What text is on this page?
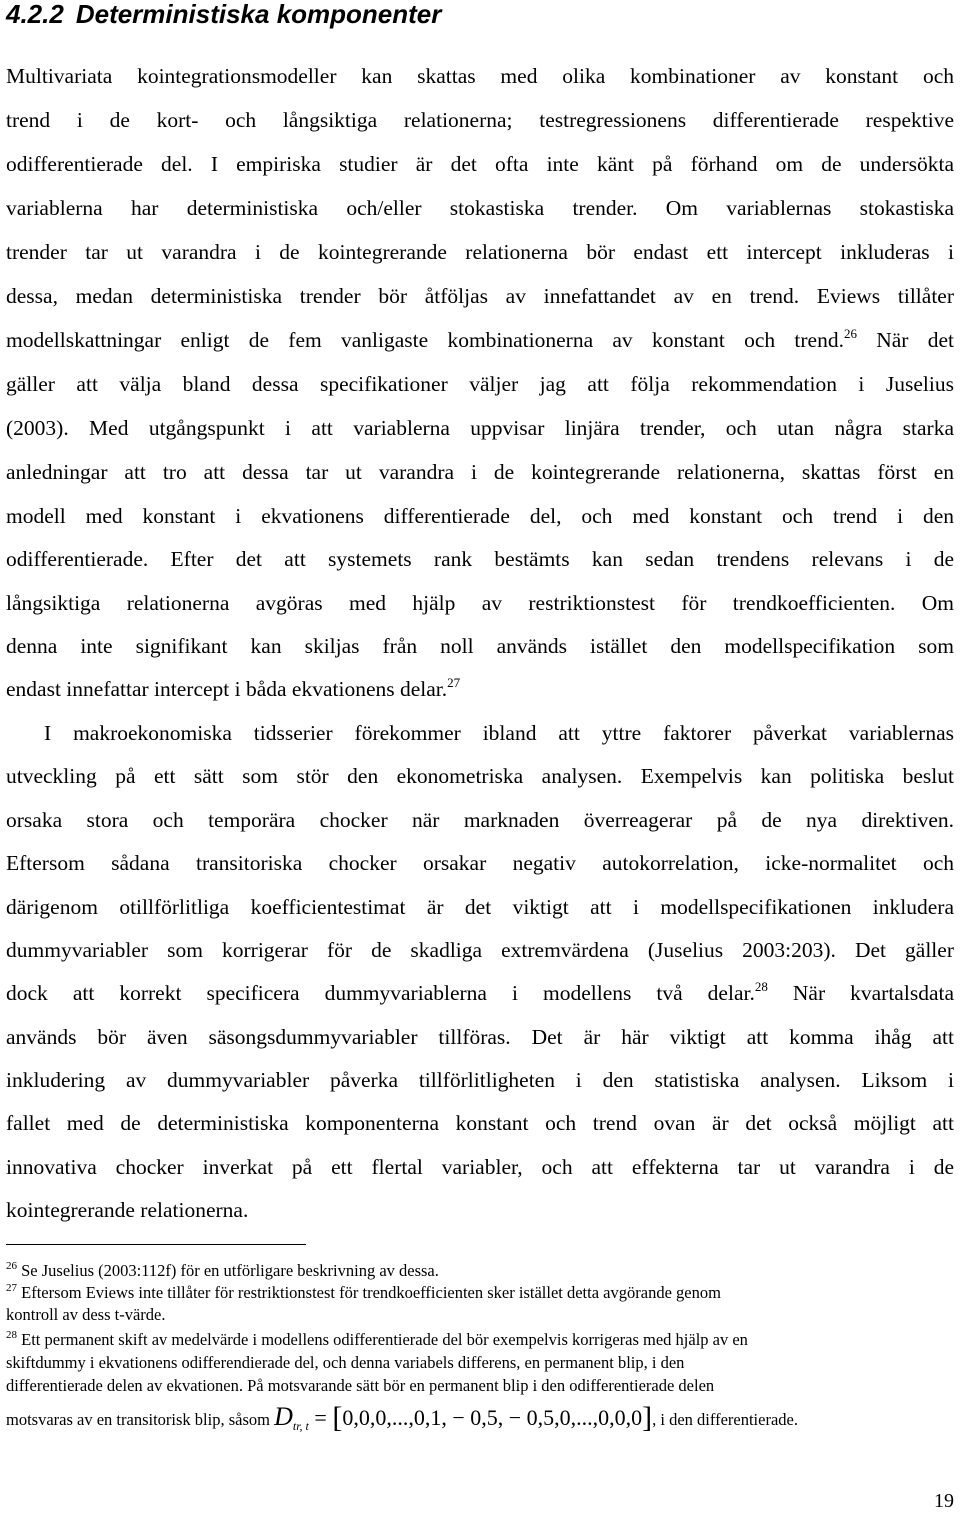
4.2.2 Deterministiska komponenter
Multivariata kointegrationsmodeller kan skattas med olika kombinationer av konstant och
trend i de kort- och långsiktiga relationerna; testregressionens differentierade respektive
odifferentierade del. I empiriska studier är det ofta inte känt på förhand om de undersökta
variablerna har deterministiska och/eller stokastiska trender. Om variablernas stokastiska
trender tar ut varandra i de kointegrerande relationerna bör endast ett intercept inkluderas i
dessa, medan deterministiska trender bör åtföljas av innefattandet av en trend. Eviews tillåter
modellskattningar enligt de fem vanligaste kombinationerna av konstant och trend.$^{26}$ När det
gäller att välja bland dessa specifikationer väljer jag att följa rekommendation i Juselius
(2003). Med utgångspunkt i att variablerna uppvisar linjära trender, och utan några starka
anledningar att tro att dessa tar ut varandra i de kointegrerande relationerna, skattas först en
modell med konstant i ekvationens differentierade del, och med konstant och trend i den
odifferentierade. Efter det att systemets rank bestämts kan sedan trendens relevans i de
långsiktiga relationerna avgöras med hjälp av restriktionstest för trendkoefficienten. Om
denna inte signifikant kan skiljas från noll används istället den modellspecifikation som
endast innefattar intercept i båda ekvationens delar.$^{27}$
I makroekonomiska tidsserier förekommer ibland att yttre faktorer påverkat variablernas
utveckling på ett sätt som stör den ekonometriska analysen. Exempelvis kan politiska beslut
orsaka stora och temporära chocker när marknaden överreagerar på de nya direktiven.
Eftersom sådana transitoriska chocker orsakar negativ autokorrelation, icke-normalitet och
därigenom otillförlitliga koefficientestimat är det viktigt att i modellspecifikationen inkludera
dummyvariabler som korrigerar för de skadliga extremvärdena (Juselius 2003:203). Det gäller
dock att korrekt specificera dummyvariablerna i modellens två delar.$^{28}$ När kvartalsdata
används bör även säsongsdummyvariabler tillföras. Det är här viktigt att komma ihåg att
inkludering av dummyvariabler påverka tillförlitligheten i den statistiska analysen. Liksom i
fallet med de deterministiska komponenterna konstant och trend ovan är det också möjligt att
innovativa chocker inverkat på ett flertal variabler, och att effekterna tar ut varandra i de
kointegrerande relationerna.
$^{26}$ Se Juselius (2003:112f) för en utförligare beskrivning av dessa.
$^{27}$ Eftersom Eviews inte tillåter för restriktionstest för trendkoefficienten sker istället detta avgörande genom
kontroll av dess t-värde.
$^{28}$ Ett permanent skift av medelvärde i modellens odifferentierade del bör exempelvis korrigeras med hjälp av en
skiftdummy i ekvationens odifferendierade del, och denna variabels differens, en permanent blip, i den
differentierade delen av ekvationen. På motsvarande sätt bör en permanent blip i den odifferentierade delen
motsvaras av en transitorisk blip, såsom $D_{tr, t} = [0,0,0,...,0,1$, − 0,5, − 0,5,0,...,0,0,0], i den differentierade.
19
